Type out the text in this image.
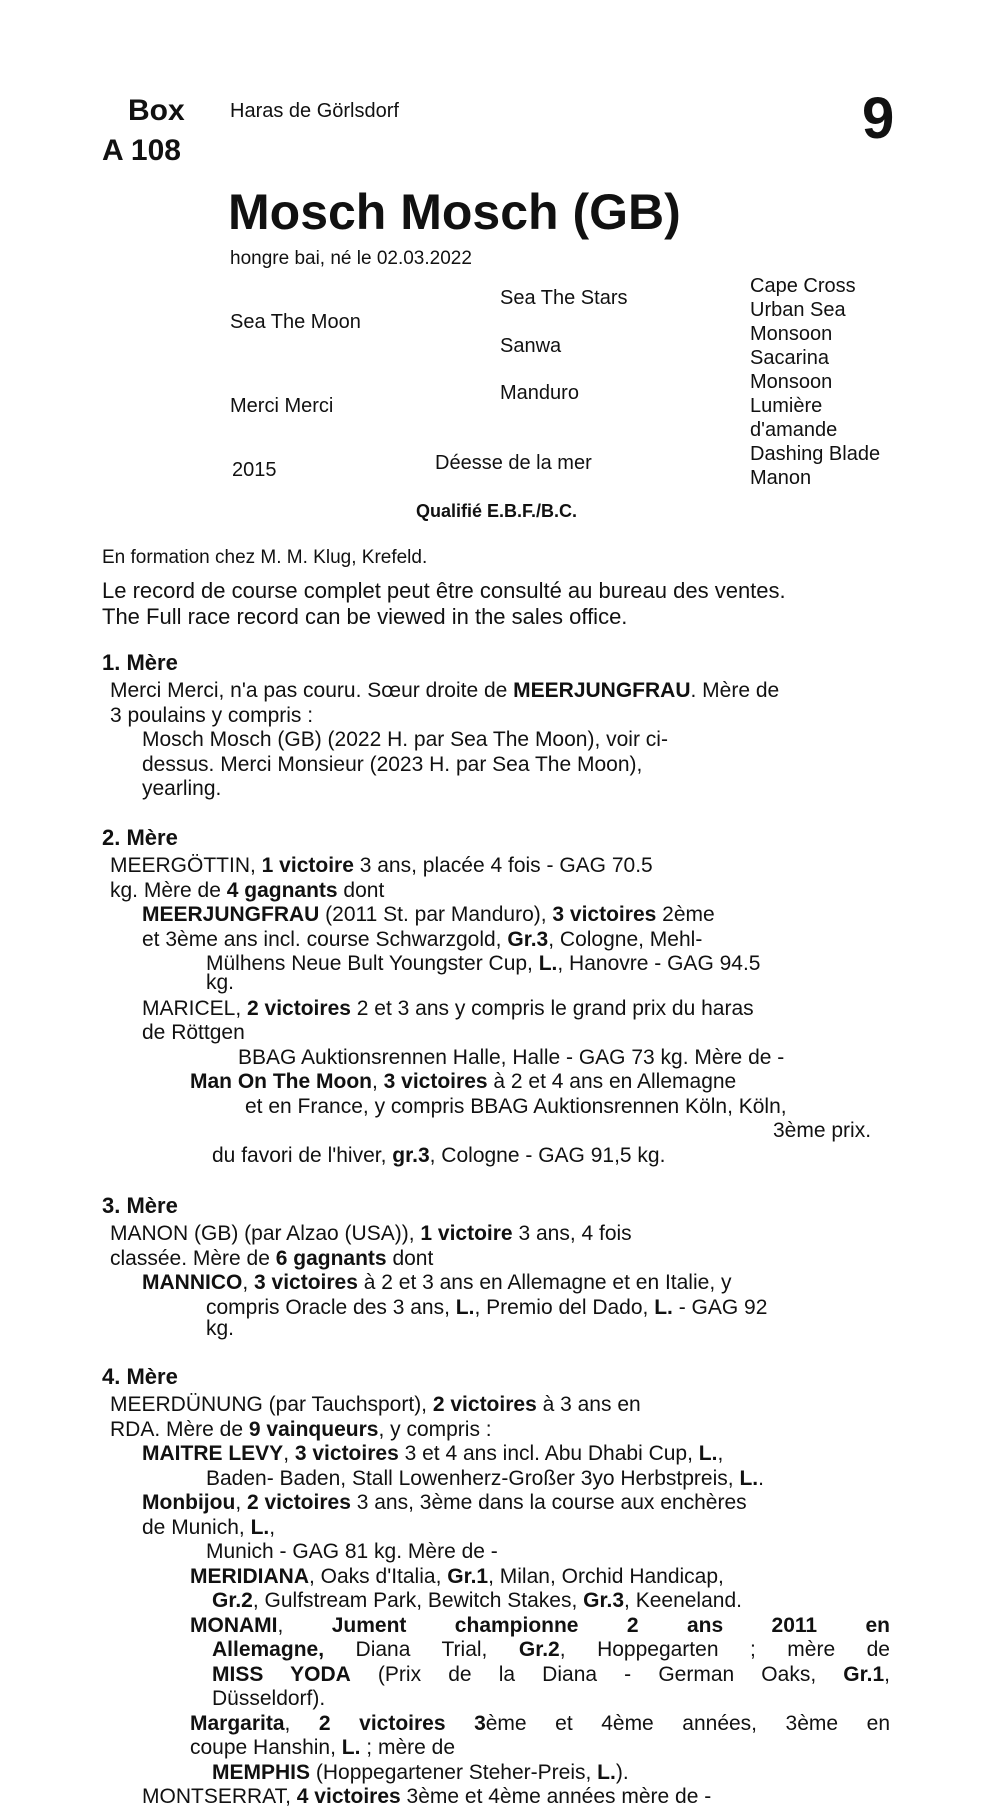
Box
A 108
Haras de Görlsdorf	9
Mosch Mosch (GB)
hongre bai, né le 02.03.2022
Sea The Moon
Merci Merci
2015
Sea The Stars
Sanwa
Manduro
Déesse de la mer
Cape Cross
Urban Sea
Monsoon
Sacarina
Monsoon
Lumière
d'amande
Dashing Blade
Manon
Qualifié E.B.F./B.C.
En formation chez M. M. Klug, Krefeld.
Le record de course complet peut être consulté au bureau des ventes.
The Full race record can be viewed in the sales office.
1. Mère
2. Mère
3. Mère
4. Mère

Merci Merci, n'a pas couru. Sœur droite de MEERJUNGFRAU. Mère de

3 poulains y compris :

Mosch Mosch (GB) (2022 H. par Sea The Moon), voir ci-

dessus. Merci Monsieur (2023 H. par Sea The Moon),

yearling.

MEERGÖTTIN, 1 victoire 3 ans, placée 4 fois - GAG 70.5

kg. Mère de 4 gagnants dont

MEERJUNGFRAU (2011 St. par Manduro), 3 victoires 2ème

et 3ème ans incl. course Schwarzgold, Gr.3, Cologne, Mehl-

Mülhens Neue Bult Youngster Cup, L., Hanovre - GAG 94.5

kg.

MARICEL, 2 victoires 2 et 3 ans y compris le grand prix du haras

de Röttgen

BBAG Auktionsrennen Halle, Halle - GAG 73 kg. Mère de -

Man On The Moon, 3 victoires à 2 et 4 ans en Allemagne

et en France, y compris BBAG Auktionsrennen Köln, Köln,

3ème prix.

du favori de l'hiver, gr.3, Cologne - GAG 91,5 kg.

MANON (GB) (par Alzao (USA)), 1 victoire 3 ans, 4 fois

classée. Mère de 6 gagnants dont

MANNICO, 3 victoires à 2 et 3 ans en Allemagne et en Italie, y

compris Oracle des 3 ans, L., Premio del Dado, L. - GAG 92

kg.

MEERDÜNUNG (par Tauchsport), 2 victoires à 3 ans en

RDA. Mère de 9 vainqueurs, y compris :

MAITRE LEVY, 3 victoires 3 et 4 ans incl. Abu Dhabi Cup, L.,

Baden- Baden, Stall Lowenherz-Großer 3yo Herbstpreis, L..

Monbijou, 2 victoires 3 ans, 3ème dans la course aux enchères

de Munich, L.,

Munich - GAG 81 kg. Mère de -

MERIDIANA, Oaks d'Italia, Gr.1, Milan, Orchid Handicap,

Gr.2, Gulfstream Park, Bewitch Stakes, Gr.3, Keeneland.

MONAMI, Jument championne 2 ans 2011 en

Allemagne, Diana Trial, Gr.2, Hoppegarten ; mère de

MISS YODA (Prix de la Diana - German Oaks, Gr.1,

Düsseldorf).

Margarita, 2 victoires 3ème et 4ème années, 3ème en

coupe Hanshin, L. ; mère de

MEMPHIS (Hoppegartener Steher-Preis, L.).

MONTSERRAT, 4 victoires 3ème et 4ème années mère de -
